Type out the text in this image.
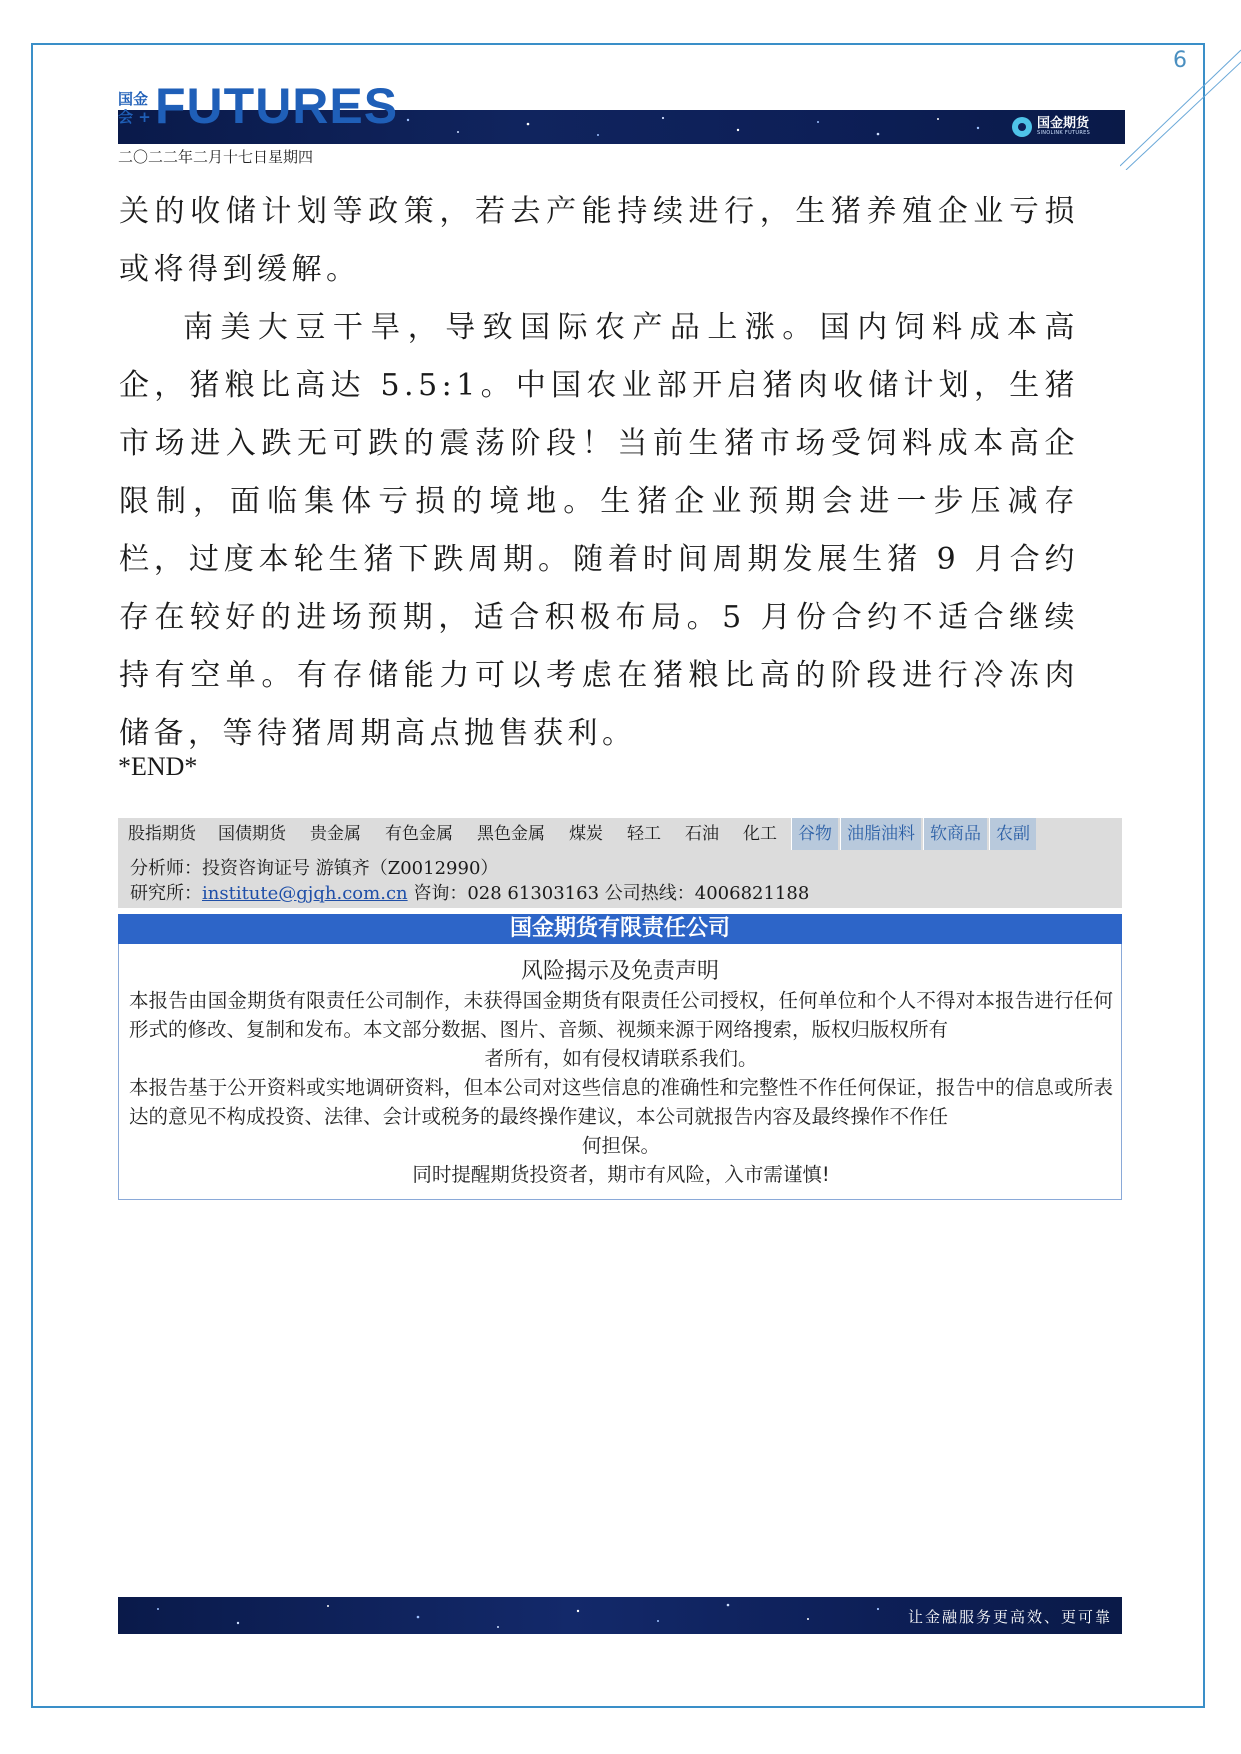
6
国金
会 + FUTURES	国金期货
SINOLINK FUTURES
二〇二二年二月十七日星期四

关的收储计划等政策，若去产能持续进行，生猪养殖企业亏损或将得到缓解。

南美大豆干旱，导致国际农产品上涨。国内饲料成本高企，猪粮比高达 5.5:1。中国农业部开启猪肉收储计划，生猪市场进入跌无可跌的震荡阶段！当前生猪市场受饲料成本高企限制，面临集体亏损的境地。生猪企业预期会进一步压减存栏，过度本轮生猪下跌周期。随着时间周期发展生猪 9 月合约存在较好的进场预期，适合积极布局。5 月份合约不适合继续持有空单。有存储能力可以考虑在猪粮比高的阶段进行冷冻肉储备，等待猪周期高点抛售获利。

*END*
股指期货	国债期货	贵金属	有色金属	黑色金属	煤炭	轻工	石油	化工	谷物 油脂油料 软商品 农副
分析师：投资咨询证号 游镇齐（Z0012990）
研究所：institute@gjqh.com.cn 咨询：028 61303163 公司热线：4006821188
国金期货有限责任公司
风险揭示及免责声明

本报告由国金期货有限责任公司制作，未获得国金期货有限责任公司授权，任何单位和个人不得对本报告进行任何形式的修改、复制和发布。本文部分数据、图片、音频、视频来源于网络搜索，版权归版权所有

者所有，如有侵权请联系我们。

本报告基于公开资料或实地调研资料，但本公司对这些信息的准确性和完整性不作任何保证，报告中的信息或所表达的意见不构成投资、法律、会计或税务的最终操作建议，本公司就报告内容及最终操作不作任

何担保。

同时提醒期货投资者，期市有风险，入市需谨慎!

让金融服务更高效、更可靠
